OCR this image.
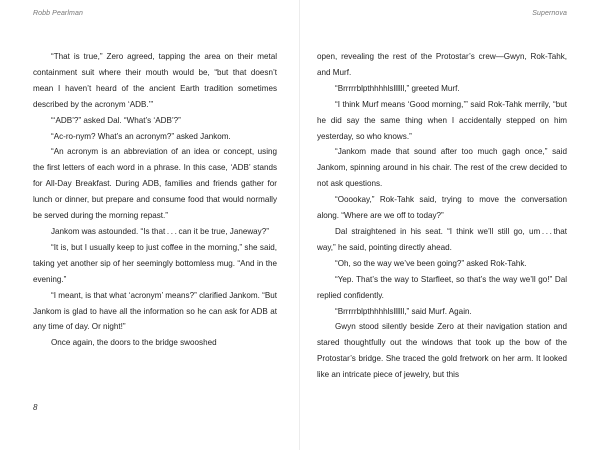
Robb Pearlman

“That is true,” Zero agreed, tapping the area on their metal containment suit where their mouth would be, “but that doesn’t mean I haven’t heard of the ancient Earth tradition sometimes described by the acronym ‘ADB.’”

“‘ADB’?” asked Dal. “What’s ‘ADB’?”

“Ac-ro-nym? What’s an acronym?” asked Jankom.

“An acronym is an abbreviation of an idea or concept, using the first letters of each word in a phrase. In this case, ‘ADB’ stands for All-Day Breakfast. During ADB, families and friends gather for lunch or dinner, but prepare and consume food that would normally be served during the morning repast.”

Jankom was astounded. “Is that . . . can it be true, Janeway?”

“It is, but I usually keep to just coffee in the morning,” she said, taking yet another sip of her seemingly bottomless mug. “And in the evening.”

“I meant, is that what ‘acronym’ means?” clarified Jankom. “But Jankom is glad to have all the information so he can ask for ADB at any time of day. Or night!”

Once again, the doors to the bridge swooshed

8
Supernova

open, revealing the rest of the Protostar’s crew—Gwyn, Rok-Tahk, and Murf.

“Brrrrrblpthhhhlsllllll,” greeted Murf.

“I think Murf means ‘Good morning,’” said Rok-Tahk merrily, “but he did say the same thing when I accidentally stepped on him yesterday, so who knows.”

“Jankom made that sound after too much gagh once,” said Jankom, spinning around in his chair. The rest of the crew decided to not ask questions.

“Ooookay,” Rok-Tahk said, trying to move the conversation along. “Where are we off to today?”

Dal straightened in his seat. “I think we’ll still go, um . . . that way,” he said, pointing directly ahead.

“Oh, so the way we’ve been going?” asked Rok-Tahk.

“Yep. That’s the way to Starfleet, so that’s the way we’ll go!” Dal replied confidently.

“Brrrrrblpthhhhlsllllll,” said Murf. Again.

Gwyn stood silently beside Zero at their navigation station and stared thoughtfully out the windows that took up the bow of the Protostar’s bridge. She traced the gold fretwork on her arm. It looked like an intricate piece of jewelry, but this
